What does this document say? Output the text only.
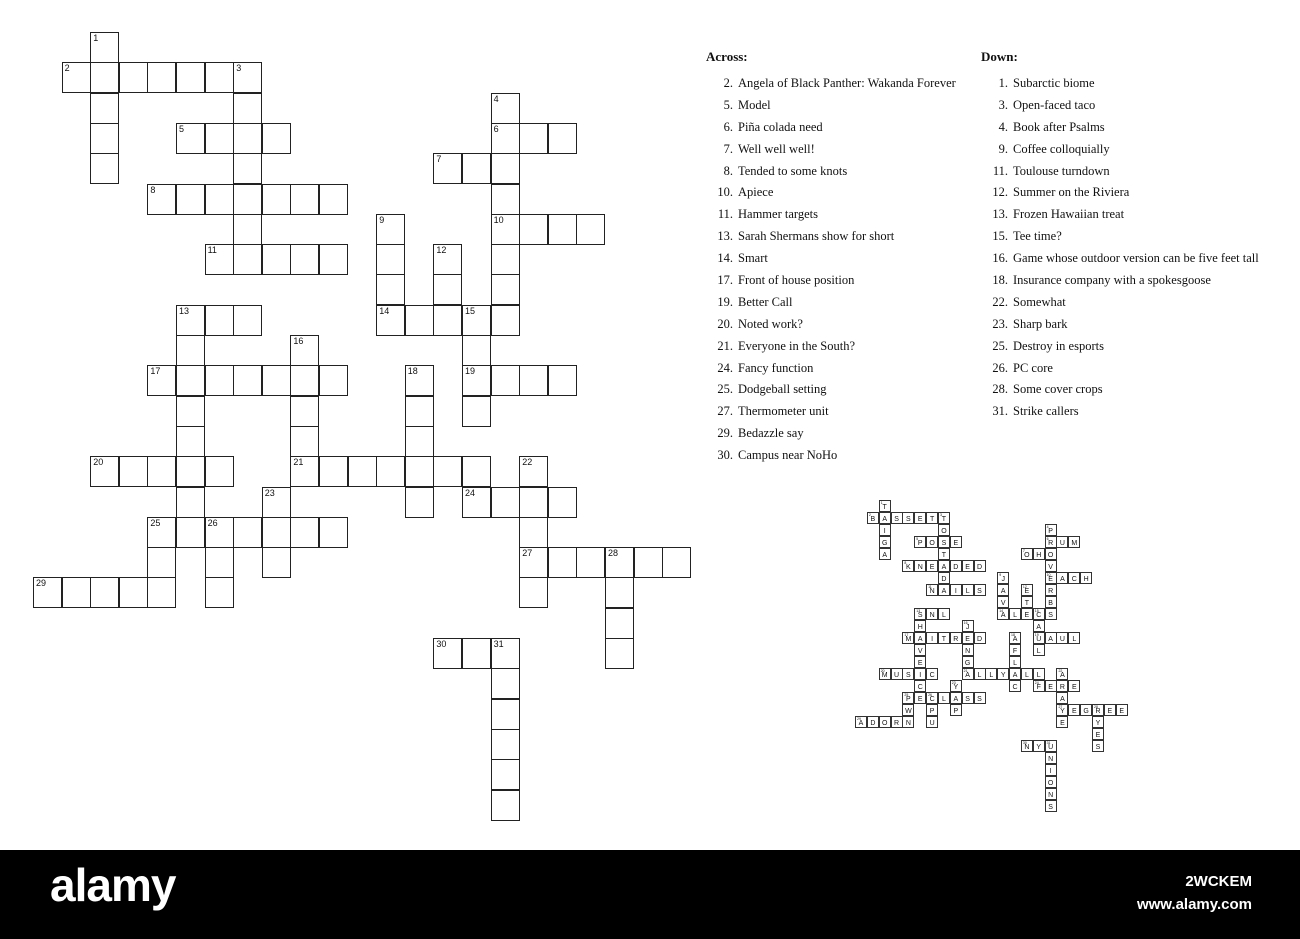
1
2	3
4
6
10
5
7
8
9
14
11	12
13	15
19
16
21
17	18
20	22
27
23	24
25	26
28
29
30	31
1
T
A
I
G
A
2
B	S	S	E	T
3
T
O
S
T
A
D
A
4
P
6
R
O
V
10
E
R
B
S
5
P O	E	U M
7
O H
8
K	N E	D E	D
9
J
A
V
14
A
A	C H
11
N	I	L	S
12
E
T
E
13
S N	L
H
A
V
E
I
C
E
L
15
C
A
19
U
L
16
J
E
N
G
21
A
17
M	I	T	R	D
18
A
F
L
A
C
A U	L
20
M U S	C	L	L	Y	L	L
22
A
R
A
27
Y
E
23
Y
A
P
24
F	E	E
25
P
26
C	L	S	S
W
N
P
U
E G
28
R E	E
Y
E
S
29
A D O R
30
N Y
31
U
N
I
O
N
S
Across:
2. Angela of Black Panther: Wakanda Forever
5. Model
6. Piña colada need
7. Well well well!
8. Tended to some knots
10. Apiece
11. Hammer targets
13. Sarah Shermans show for short
14. Smart
17. Front of house position
19. Better Call
20. Noted work?
21. Everyone in the South?
24. Fancy function
25. Dodgeball setting
27. Thermometer unit
29. Bedazzle say
30. Campus near NoHo
Down:
1. Subarctic biome
3. Open-faced taco
4. Book after Psalms
9. Coffee colloquially
11. Toulouse turndown
12. Summer on the Riviera
13. Frozen Hawaiian treat
15. Tee time?
16. Game whose outdoor version can be five feet tall
18. Insurance company with a spokesgoose
22. Somewhat
23. Sharp bark
25. Destroy in esports
26. PC core
28. Some cover crops
31. Strike callers
alamy	2WCKEM
www.alamy.com
